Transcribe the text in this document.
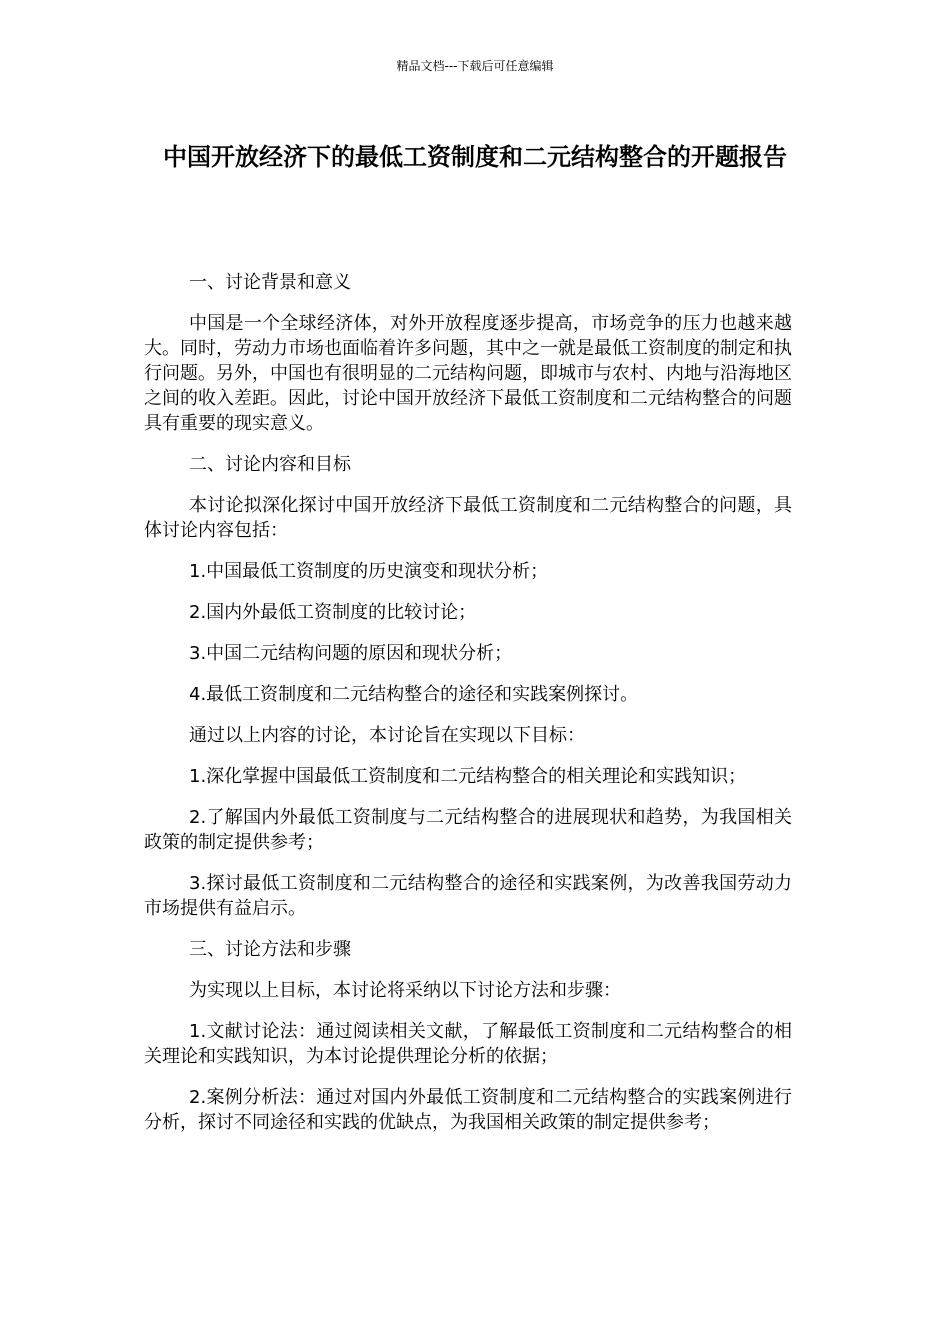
精品文档---下载后可任意编辑
中国开放经济下的最低工资制度和二元结构整合的开题报告

一、讨论背景和意义

中国是一个全球经济体，对外开放程度逐步提高，市场竞争的压力也越来越大。同时，劳动力市场也面临着许多问题，其中之一就是最低工资制度的制定和执行问题。另外，中国也有很明显的二元结构问题，即城市与农村、内地与沿海地区之间的收入差距。因此，讨论中国开放经济下最低工资制度和二元结构整合的问题具有重要的现实意义。

二、讨论内容和目标

本讨论拟深化探讨中国开放经济下最低工资制度和二元结构整合的问题，具体讨论内容包括：

1.中国最低工资制度的历史演变和现状分析；

2.国内外最低工资制度的比较讨论；

3.中国二元结构问题的原因和现状分析；

4.最低工资制度和二元结构整合的途径和实践案例探讨。

通过以上内容的讨论，本讨论旨在实现以下目标：

1.深化掌握中国最低工资制度和二元结构整合的相关理论和实践知识；

2.了解国内外最低工资制度与二元结构整合的进展现状和趋势，为我国相关政策的制定提供参考；

3.探讨最低工资制度和二元结构整合的途径和实践案例，为改善我国劳动力市场提供有益启示。

三、讨论方法和步骤

为实现以上目标，本讨论将采纳以下讨论方法和步骤：

1.文献讨论法：通过阅读相关文献，了解最低工资制度和二元结构整合的相关理论和实践知识，为本讨论提供理论分析的依据；

2.案例分析法：通过对国内外最低工资制度和二元结构整合的实践案例进行分析，探讨不同途径和实践的优缺点，为我国相关政策的制定提供参考；
